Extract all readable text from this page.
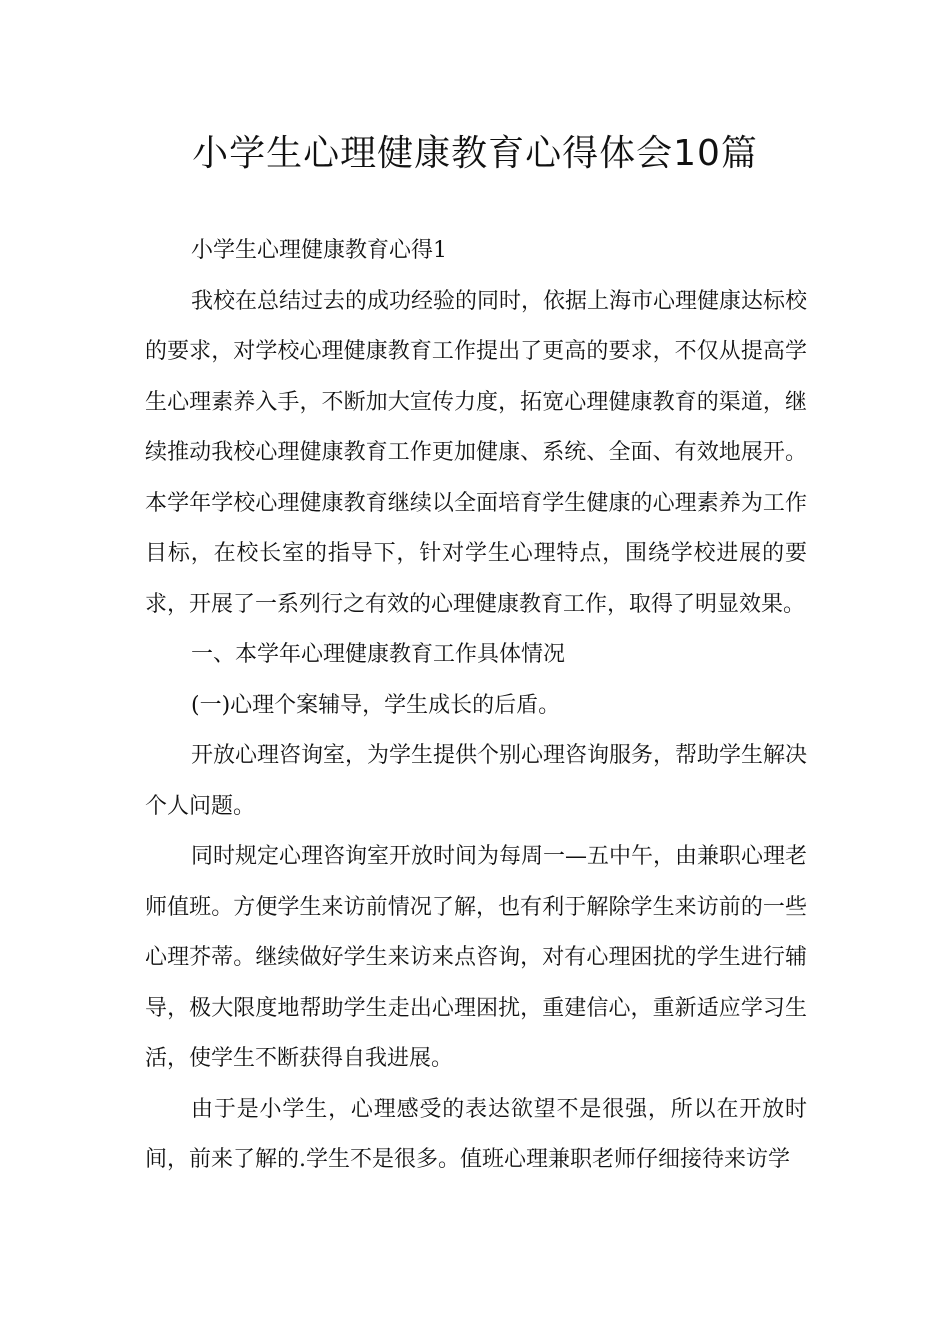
小学生心理健康教育心得体会10篇

小学生心理健康教育心得1

我校在总结过去的成功经验的同时，依据上海市心理健康达标校的要求，对学校心理健康教育工作提出了更高的要求，不仅从提高学生心理素养入手，不断加大宣传力度，拓宽心理健康教育的渠道，继续推动我校心理健康教育工作更加健康、系统、全面、有效地展开。本学年学校心理健康教育继续以全面培育学生健康的心理素养为工作目标，在校长室的指导下，针对学生心理特点，围绕学校进展的要求，开展了一系列行之有效的心理健康教育工作，取得了明显效果。

一、本学年心理健康教育工作具体情况

(一)心理个案辅导，学生成长的后盾。

开放心理咨询室，为学生提供个别心理咨询服务，帮助学生解决个人问题。

同时规定心理咨询室开放时间为每周一—五中午，由兼职心理老师值班。方便学生来访前情况了解，也有利于解除学生来访前的一些心理芥蒂。继续做好学生来访来点咨询，对有心理困扰的学生进行辅导，极大限度地帮助学生走出心理困扰，重建信心，重新适应学习生活，使学生不断获得自我进展。

由于是小学生，心理感受的表达欲望不是很强，所以在开放时间，前来了解的.学生不是很多。值班心理兼职老师仔细接待来访学
